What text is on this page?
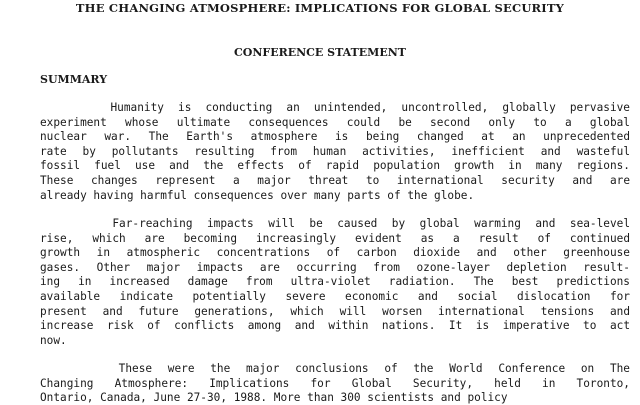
THE CHANGING ATMOSPHERE: IMPLICATIONS FOR GLOBAL SECURITY
CONFERENCE STATEMENT
SUMMARY
Humanity is conducting an unintended, uncontrolled, globally pervasive
experiment whose ultimate consequences could be second only to a global
nuclear war. The Earth's atmosphere is being changed at an unprecedented
rate by pollutants resulting from human activities, inefficient and wasteful
fossil fuel use and the effects of rapid population growth in many regions.
These changes represent a major threat to international security and are
already having harmful consequences over many parts of the globe.
Far-reaching impacts will be caused by global warming and sea-level
rise, which are becoming increasingly evident as a result of continued
growth in atmospheric concentrations of carbon dioxide and other greenhouse
gases. Other major impacts are occurring from ozone-layer depletion result-
ing in increased damage from ultra-violet radiation. The best predictions
available indicate potentially severe economic and social dislocation for
present and future generations, which will worsen international tensions and
increase risk of conflicts among and within nations. It is imperative to act
now.
These were the major conclusions of the World Conference on The
Changing Atmosphere: Implications for Global Security, held in Toronto,
Ontario, Canada, June 27-30, 1988. More than 300 scientists and policy
